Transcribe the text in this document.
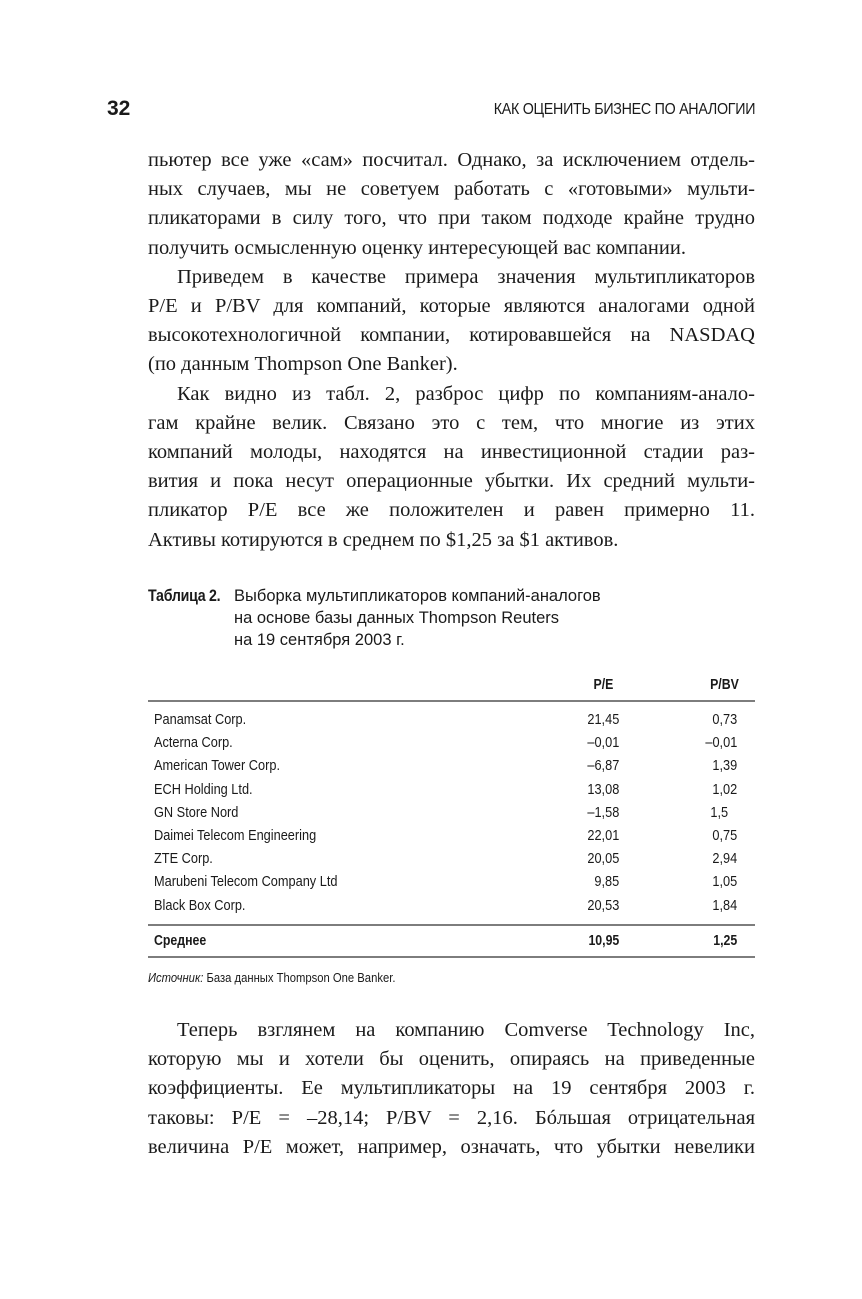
32	КАК ОЦЕНИТЬ БИЗНЕС ПО АНАЛОГИИ
пьютер все уже «сам» посчитал. Однако, за исключением отдель-
ных случаев, мы не советуем работать с «готовыми» мульти-
пликаторами в силу того, что при таком подходе крайне трудно
получить осмысленную оценку интересующей вас компании.
Приведем в качестве примера значения мультипликаторов
P/E и P/BV для компаний, которые являются аналогами одной
высокотехнологичной компании, котировавшейся на NASDAQ
(по данным Thompson One Banker).
Как видно из табл. 2, разброс цифр по компаниям-анало-
гам крайне велик. Связано это с тем, что многие из этих
компаний молоды, находятся на инвестиционной стадии раз-
вития и пока несут операционные убытки. Их средний мульти-
пликатор P/E все же положителен и равен примерно 11.
Активы котируются в среднем по $1,25 за $1 активов.
Таблица 2. Выборка мультипликаторов компаний-аналогов
на основе базы данных Thompson Reuters
на 19 сентября 2003 г.
P/E	P/BV
Panamsat Corp.	21,45	0,73
Acterna Corp.	–0,01	–0,01
American Tower Corp.	–6,87	1,39
ECH Holding Ltd.	13,08	1,02
GN Store Nord	–1,58	1,5
Daimei Telecom Engineering	22,01	0,75
ZTE Corp.	20,05	2,94
Marubeni Telecom Company Ltd	9,85	1,05
Black Box Corp.	20,53	1,84
Среднее	10,95	1,25
Источник: База данных Thompson One Banker.
Теперь взглянем на компанию Comverse Technology Inc,
которую мы и хотели бы оценить, опираясь на приведенные
коэффициенты. Ее мультипликаторы на 19 сентября 2003 г.
таковы: P/E = –28,14; P/BV = 2,16. Бóльшая отрицательная
величина P/E может, например, означать, что убытки невелики
